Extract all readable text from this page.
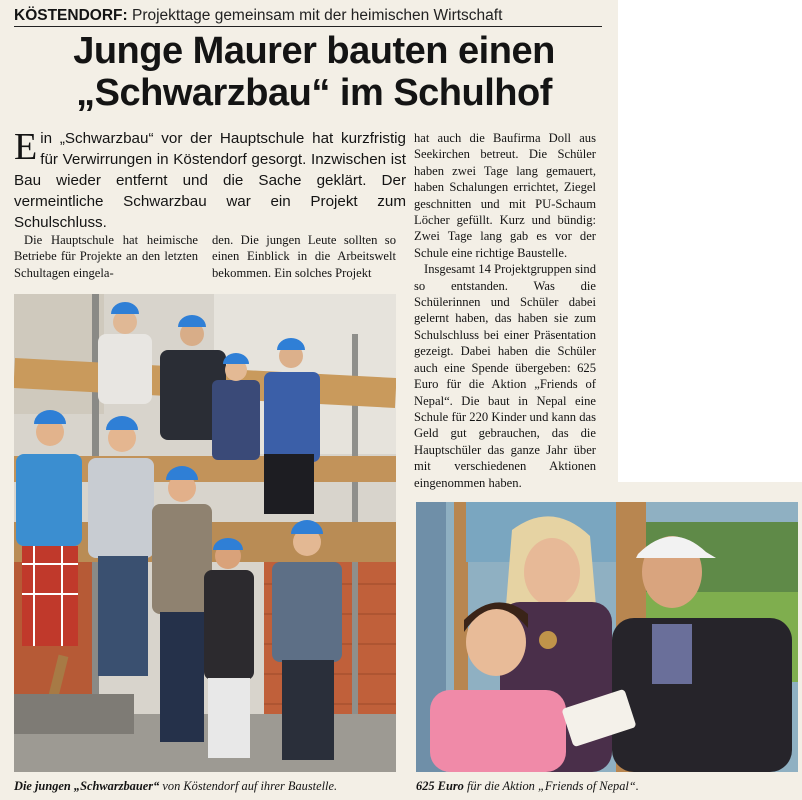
KÖSTENDORF: Projekttage gemeinsam mit der heimischen Wirtschaft
Junge Maurer bauten einen
„Schwarzbau“ im Schulhof
Ein „Schwarzbau“ vor der Hauptschule hat kurzfristig für Verwirrungen in Köstendorf gesorgt. Inzwischen ist Bau wieder entfernt und die Sache geklärt. Der vermeintliche Schwarzbau war ein Projekt zum Schulschluss.

Die Hauptschule hat heimische Betriebe für Projekte an den letzten Schultagen eingela-

den. Die jungen Leute sollten so einen Einblick in die Arbeitswelt bekommen. Ein solches Projekt

hat auch die Baufirma Doll aus Seekirchen betreut. Die Schüler haben zwei Tage lang gemauert, haben Schalungen errichtet, Ziegel geschnitten und mit PU-Schaum Löcher gefüllt. Kurz und bündig: Zwei Tage lang gab es vor der Schule eine richtige Baustelle.

Insgesamt 14 Projektgruppen sind so entstanden. Was die Schülerinnen und Schüler dabei gelernt haben, das haben sie zum Schulschluss bei einer Präsentation gezeigt. Dabei haben die Schüler auch eine Spende übergeben: 625 Euro für die Aktion „Friends of Nepal“. Die baut in Nepal eine Schule für 220 Kinder und kann das Geld gut gebrauchen, das die Hauptschüler das ganze Jahr über mit verschiedenen Aktionen eingenommen haben.

Die jungen „Schwarzbauer“ von Köstendorf auf ihrer Baustelle.	625 Euro für die Aktion „Friends of Nepal“.
